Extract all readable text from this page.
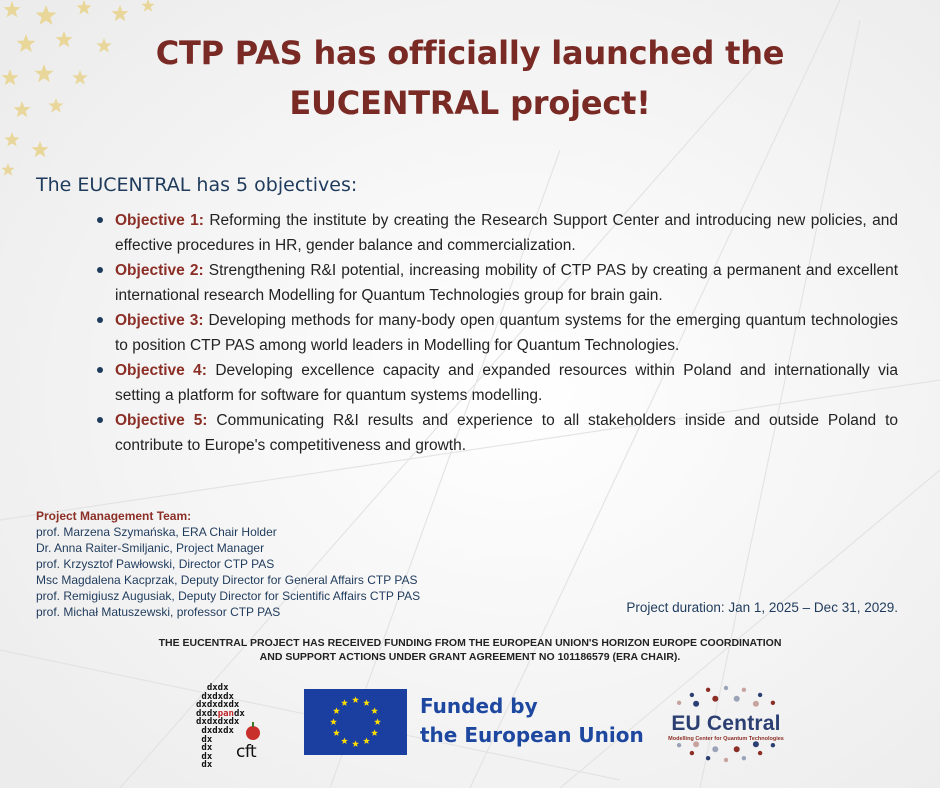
CTP PAS has officially launched the
EUCENTRAL project!

The EUCENTRAL has 5 objectives:

Objective 1: Reforming the institute by creating the Research Support Center and introducing new policies, and effective procedures in HR, gender balance and commercialization.
Objective 2: Strengthening R&I potential, increasing mobility of CTP PAS by creating a permanent and excellent international research Modelling for Quantum Technologies group for brain gain.
Objective 3: Developing methods for many-body open quantum systems for the emerging quantum technologies to position CTP PAS among world leaders in Modelling for Quantum Technologies.
Objective 4: Developing excellence capacity and expanded resources within Poland and internationally via setting a platform for software for quantum systems modelling.
Objective 5: Communicating R&I results and experience to all stakeholders inside and outside Poland to contribute to Europe's competitiveness and growth.

Project Management Team:

prof. Marzena Szymańska, ERA Chair Holder

Dr. Anna Raiter-Smiljanic, Project Manager

prof. Krzysztof Pawłowski, Director CTP PAS

Msc Magdalena Kacprzak, Deputy Director for General Affairs CTP PAS

prof. Remigiusz Augusiak, Deputy Director for Scientific Affairs CTP PAS

prof. Michał Matuszewski, professor CTP PAS	Project duration: Jan 1, 2025 – Dec 31, 2029.
THE EUCENTRAL PROJECT HAS RECEIVED FUNDING FROM THE EUROPEAN UNION'S HORIZON EUROPE COORDINATION
AND SUPPORT ACTIONS UNDER GRANT AGREEMENT NO 101186579 (ERA CHAIR).
dxdx
dxdxdx
dxdxdxdx
dxdxpandx
dxdxdxdx
dxdxdx
dx
dx
dx
dx
cft
Funded by
the European Union	EU Central
Modelling Center for Quantum Technologies
